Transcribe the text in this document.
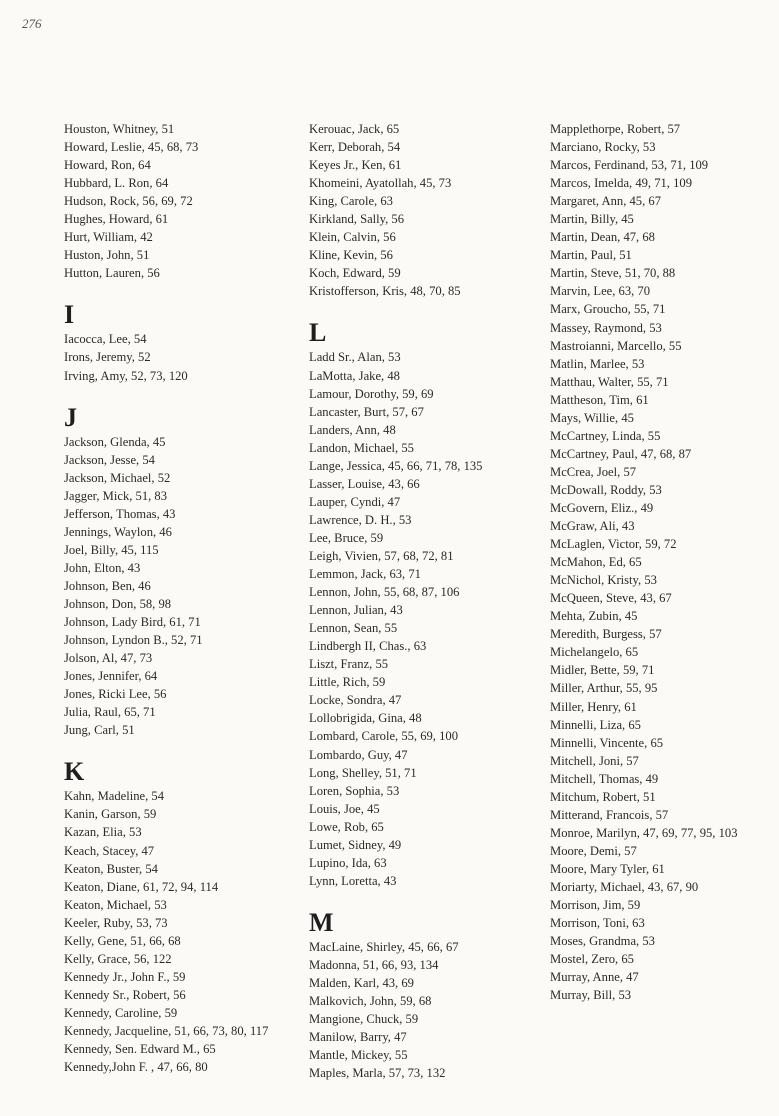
276
Houston, Whitney, 51
Howard, Leslie, 45, 68, 73
Howard, Ron, 64
Hubbard, L. Ron, 64
Hudson, Rock, 56, 69, 72
Hughes, Howard, 61
Hurt, William, 42
Huston, John, 51
Hutton, Lauren, 56
I
Iacocca, Lee, 54
Irons, Jeremy, 52
Irving, Amy, 52, 73, 120
J
Jackson, Glenda, 45
Jackson, Jesse, 54
Jackson, Michael, 52
Jagger, Mick, 51, 83
Jefferson, Thomas, 43
Jennings, Waylon, 46
Joel, Billy, 45, 115
John, Elton, 43
Johnson, Ben, 46
Johnson, Don, 58, 98
Johnson, Lady Bird, 61, 71
Johnson, Lyndon B., 52, 71
Jolson, Al, 47, 73
Jones, Jennifer, 64
Jones, Ricki Lee, 56
Julia, Raul, 65, 71
Jung, Carl, 51
K
Kahn, Madeline, 54
Kanin, Garson, 59
Kazan, Elia, 53
Keach, Stacey, 47
Keaton, Buster, 54
Keaton, Diane, 61, 72, 94, 114
Keaton, Michael, 53
Keeler, Ruby, 53, 73
Kelly, Gene, 51, 66, 68
Kelly, Grace, 56, 122
Kennedy Jr., John F., 59
Kennedy Sr., Robert, 56
Kennedy, Caroline, 59
Kennedy, Jacqueline, 51, 66, 73, 80, 117
Kennedy, Sen. Edward M., 65
Kennedy,John F. , 47, 66, 80
Kerouac, Jack, 65
Kerr, Deborah, 54
Keyes Jr., Ken, 61
Khomeini, Ayatollah, 45, 73
King, Carole, 63
Kirkland, Sally, 56
Klein, Calvin, 56
Kline, Kevin, 56
Koch, Edward, 59
Kristofferson, Kris, 48, 70, 85
L
Ladd Sr., Alan, 53
LaMotta, Jake, 48
Lamour, Dorothy, 59, 69
Lancaster, Burt, 57, 67
Landers, Ann, 48
Landon, Michael, 55
Lange, Jessica, 45, 66, 71, 78, 135
Lasser, Louise, 43, 66
Lauper, Cyndi, 47
Lawrence, D. H., 53
Lee, Bruce, 59
Leigh, Vivien, 57, 68, 72, 81
Lemmon, Jack, 63, 71
Lennon, John, 55, 68, 87, 106
Lennon, Julian, 43
Lennon, Sean, 55
Lindbergh II, Chas., 63
Liszt, Franz, 55
Little, Rich, 59
Locke, Sondra, 47
Lollobrigida, Gina, 48
Lombard, Carole, 55, 69, 100
Lombardo, Guy, 47
Long, Shelley, 51, 71
Loren, Sophia, 53
Louis, Joe, 45
Lowe, Rob, 65
Lumet, Sidney, 49
Lupino, Ida, 63
Lynn, Loretta, 43
M
MacLaine, Shirley, 45, 66, 67
Madonna, 51, 66, 93, 134
Malden, Karl, 43, 69
Malkovich, John, 59, 68
Mangione, Chuck, 59
Manilow, Barry, 47
Mantle, Mickey, 55
Maples, Marla, 57, 73, 132
Mapplethorpe, Robert, 57
Marciano, Rocky, 53
Marcos, Ferdinand, 53, 71, 109
Marcos, Imelda, 49, 71, 109
Margaret, Ann, 45, 67
Martin, Billy, 45
Martin, Dean, 47, 68
Martin, Paul, 51
Martin, Steve, 51, 70, 88
Marvin, Lee, 63, 70
Marx, Groucho, 55, 71
Massey, Raymond, 53
Mastroianni, Marcello, 55
Matlin, Marlee, 53
Matthau, Walter, 55, 71
Mattheson, Tim, 61
Mays, Willie, 45
McCartney, Linda, 55
McCartney, Paul, 47, 68, 87
McCrea, Joel, 57
McDowall, Roddy, 53
McGovern, Eliz., 49
McGraw, Ali, 43
McLaglen, Victor, 59, 72
McMahon, Ed, 65
McNichol, Kristy, 53
McQueen, Steve, 43, 67
Mehta, Zubin, 45
Meredith, Burgess, 57
Michelangelo, 65
Midler, Bette, 59, 71
Miller, Arthur, 55, 95
Miller, Henry, 61
Minnelli, Liza, 65
Minnelli, Vincente, 65
Mitchell, Joni, 57
Mitchell, Thomas, 49
Mitchum, Robert, 51
Mitterand, Francois, 57
Monroe, Marilyn, 47, 69, 77, 95, 103
Moore, Demi, 57
Moore, Mary Tyler, 61
Moriarty, Michael, 43, 67, 90
Morrison, Jim, 59
Morrison, Toni, 63
Moses, Grandma, 53
Mostel, Zero, 65
Murray, Anne, 47
Murray, Bill, 53
